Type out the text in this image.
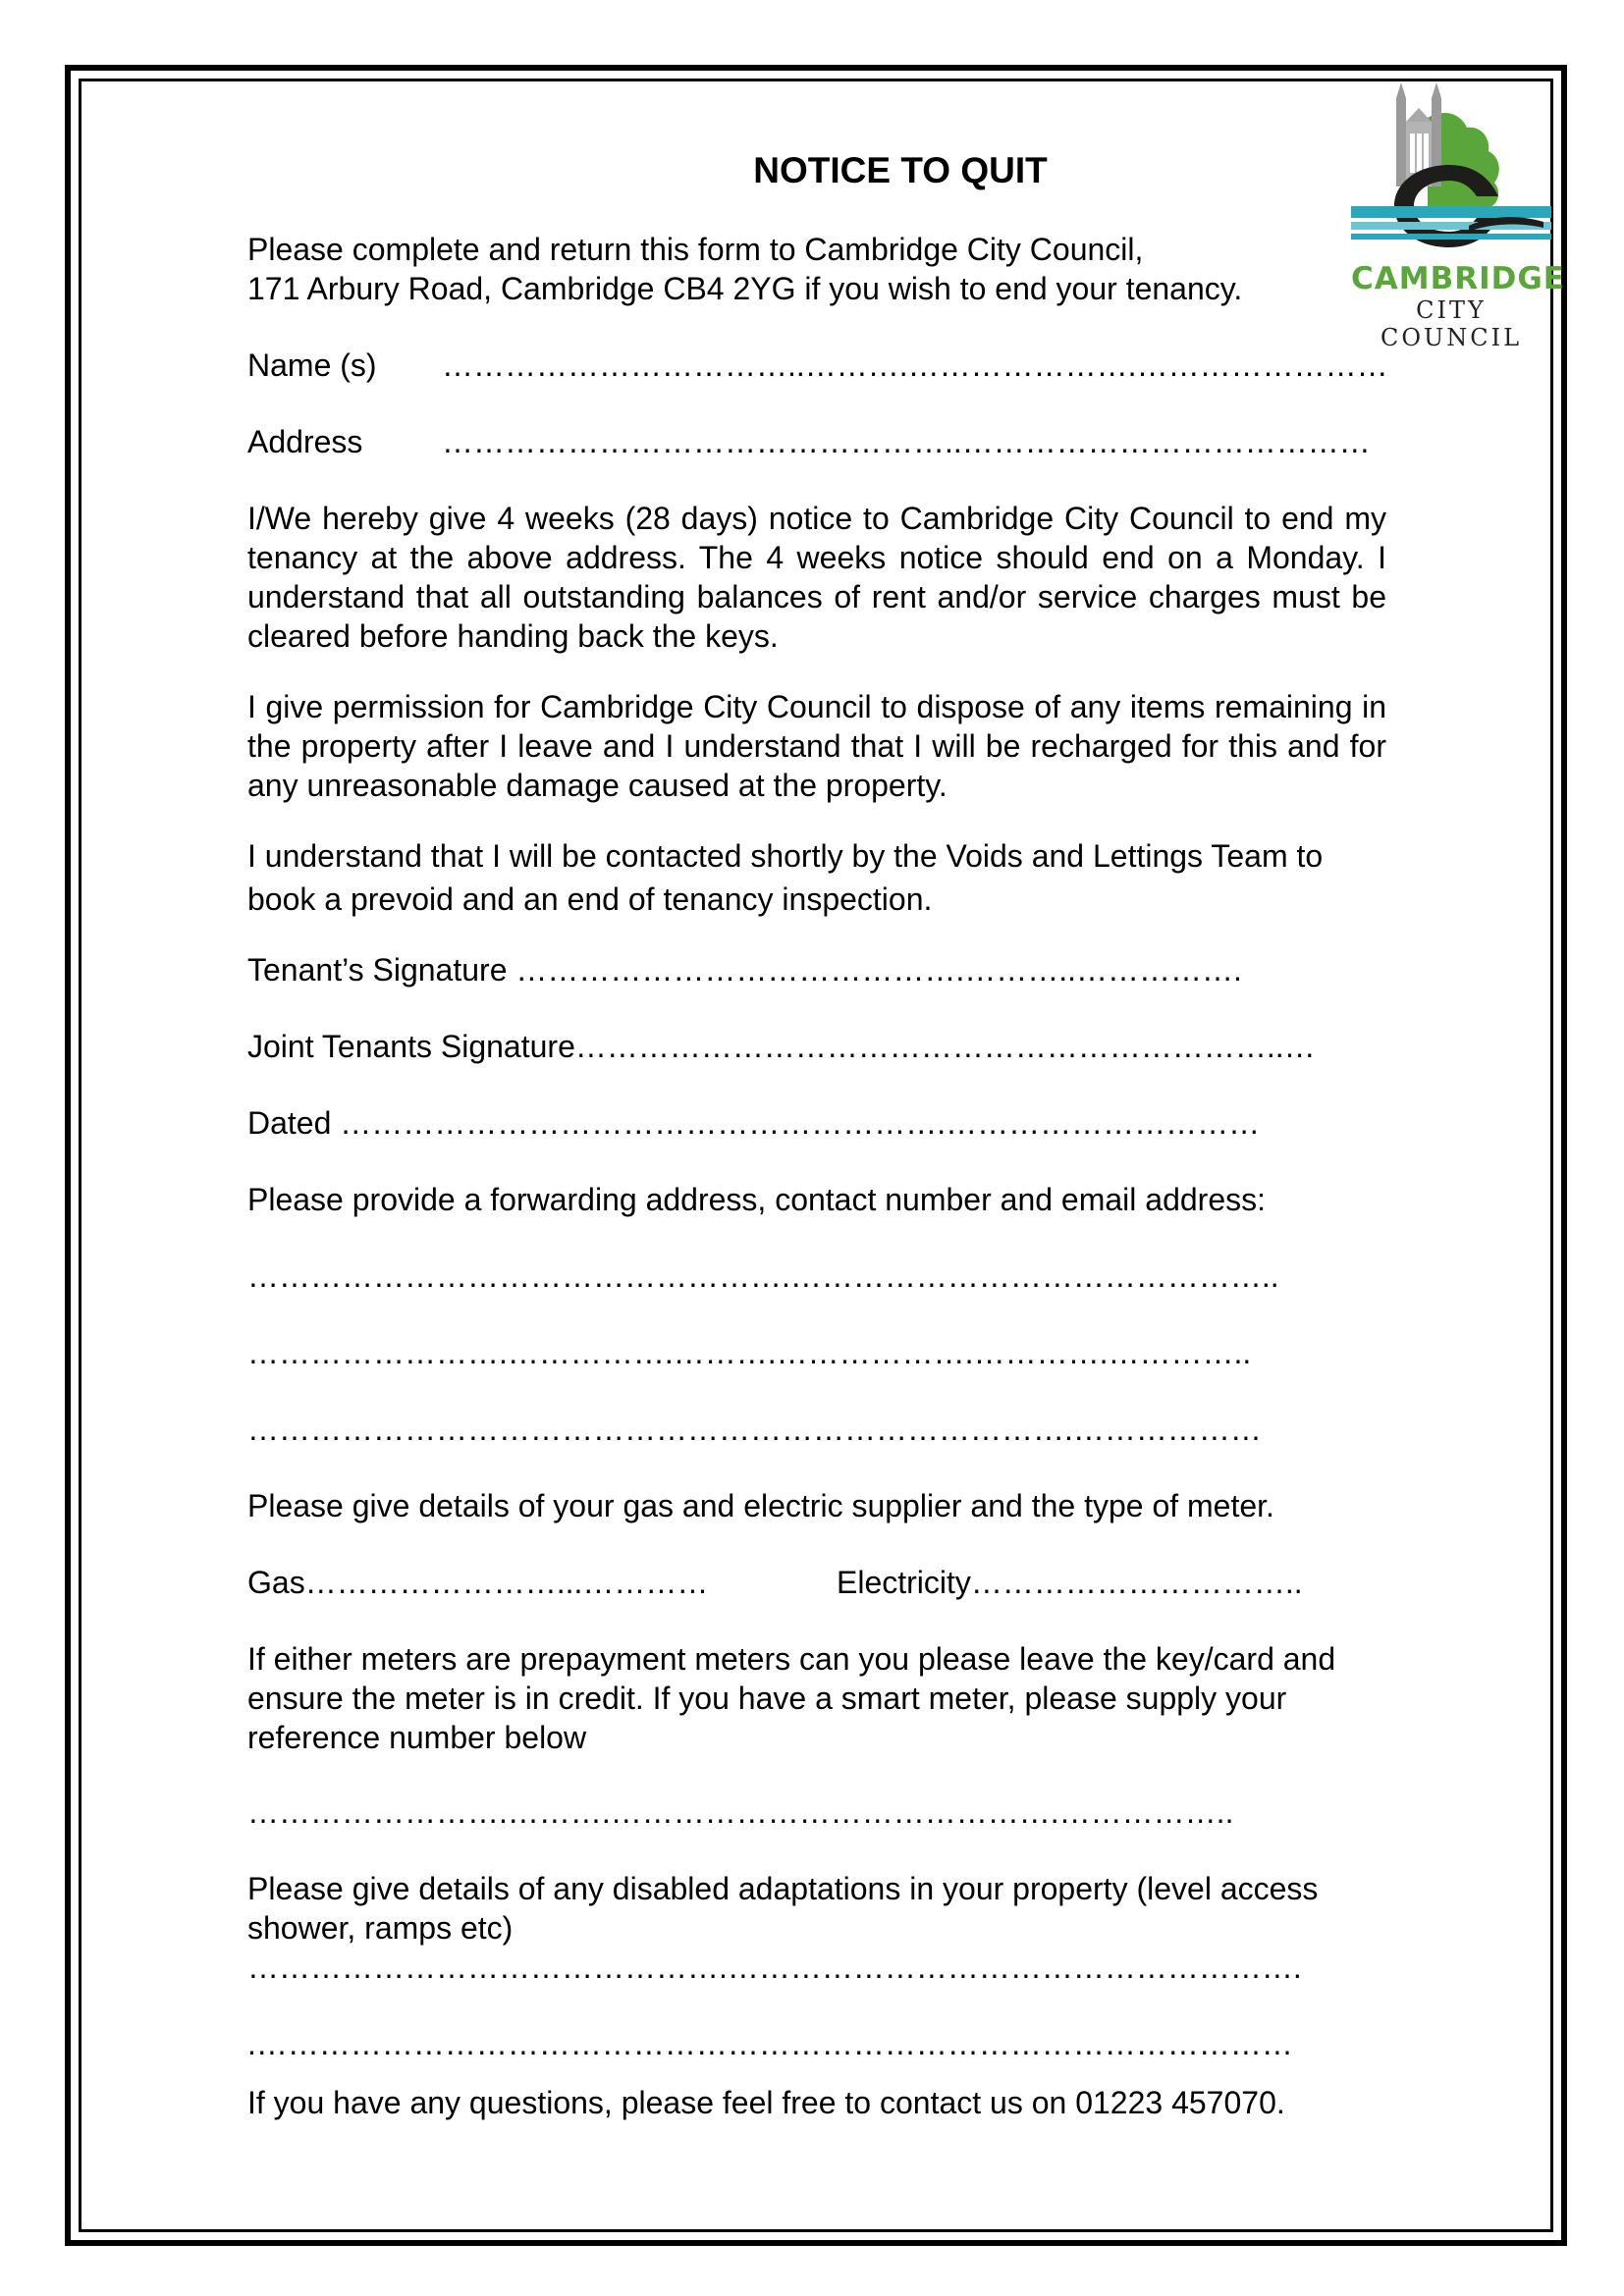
CAMBRIDGE
CITY COUNCIL
NOTICE TO QUIT
Please complete and return this form to Cambridge City Council,
171 Arbury Road, Cambridge CB4 2YG if you wish to end your tenancy.
Name (s) ……………………………..……….………………….……………………
Address	…………………………………………..…………………………………
I/We hereby give 4 weeks (28 days) notice to Cambridge City Council to end my tenancy at the above address. The 4 weeks notice should end on a Monday. I understand that all outstanding balances of rent and/or service charges must be cleared before handing back the keys.
I give permission for Cambridge City Council to dispose of any items remaining in the property after I leave and I understand that I will be recharged for this and for any unreasonable damage caused at the property.
I understand that I will be contacted shortly by the Voids and Lettings Team to
book a prevoid and an end of tenancy inspection.
Tenant’s Signature …………………………………….………..…………….
Joint Tenants Signature…………………………………………………………..…
Dated ………………………………………………….…………………………
Please provide a forwarding address, contact number and email address:
…………………………………………….………………………………………..
…………………….…………….……….……………….………….…………..
…………………………………………………………………….………………
Please give details of your gas and electric supplier and the type of meter.
Gas……………………...…………	Electricity…………………………..
If either meters are prepayment meters can you please leave the key/card and ensure the meter is in credit. If you have a smart meter, please supply your reference number below
…………………….……….…………………………………….……………..
Please give details of any disabled adaptations in your property (level access shower, ramps etc)
……………………………………….……………………………………………….
.………………………………………………………………………………………
If you have any questions, please feel free to contact us on 01223 457070.
